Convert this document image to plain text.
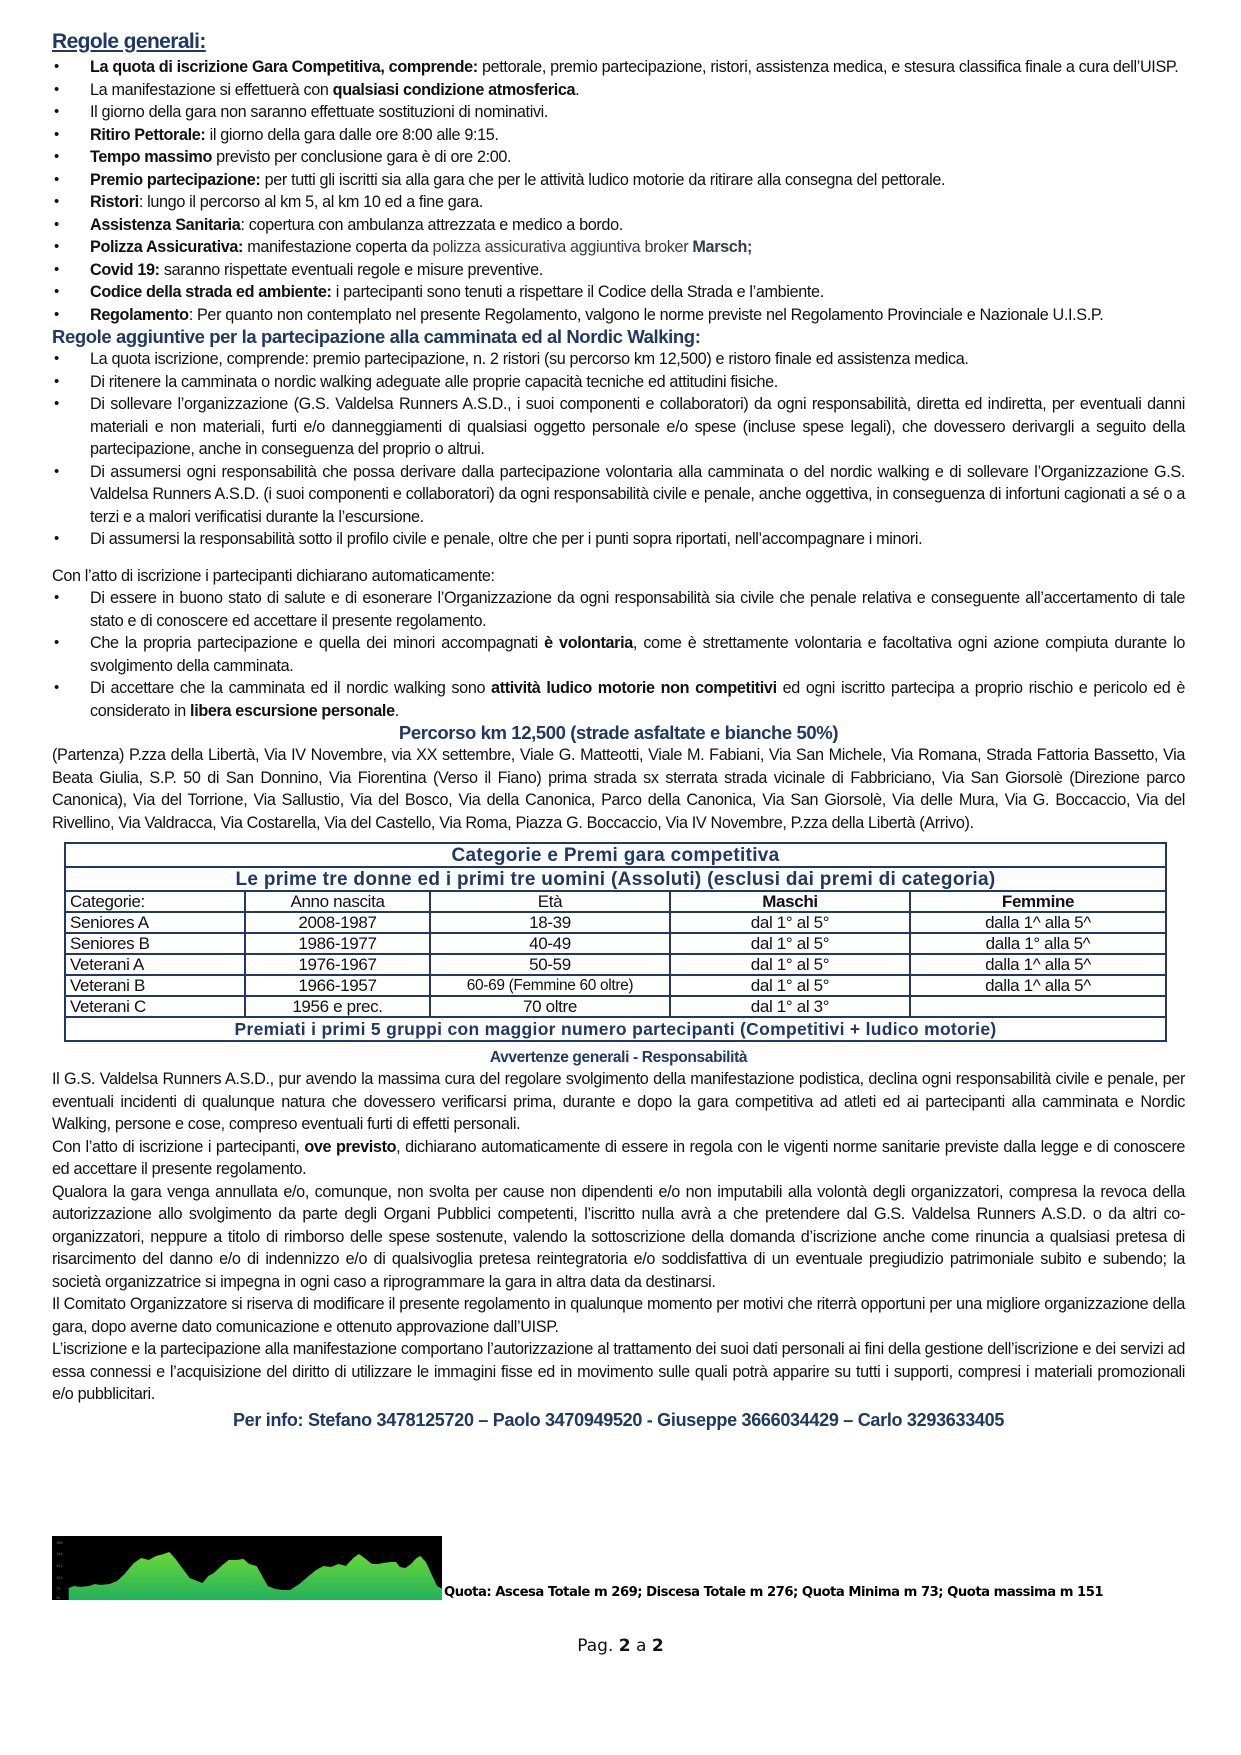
Regole generali:
• La quota di iscrizione Gara Competitiva, comprende: pettorale, premio partecipazione, ristori, assistenza medica, e stesura classifica finale a cura dell’UISP.
• La manifestazione si effettuerà con qualsiasi condizione atmosferica.
• Il giorno della gara non saranno effettuate sostituzioni di nominativi.
• Ritiro Pettorale: il giorno della gara dalle ore 8:00 alle 9:15.
• Tempo massimo previsto per conclusione gara è di ore 2:00.
• Premio partecipazione: per tutti gli iscritti sia alla gara che per le attività ludico motorie da ritirare alla consegna del pettorale.
• Ristori: lungo il percorso al km 5, al km 10 ed a fine gara.
• Assistenza Sanitaria: copertura con ambulanza attrezzata e medico a bordo.
• Polizza Assicurativa: manifestazione coperta da polizza assicurativa aggiuntiva broker Marsch;
• Covid 19: saranno rispettate eventuali regole e misure preventive.
• Codice della strada ed ambiente: i partecipanti sono tenuti a rispettare il Codice della Strada e l’ambiente.
• Regolamento: Per quanto non contemplato nel presente Regolamento, valgono le norme previste nel Regolamento Provinciale e Nazionale U.I.S.P.
Regole aggiuntive per la partecipazione alla camminata ed al Nordic Walking:
• La quota iscrizione, comprende: premio partecipazione, n. 2 ristori (su percorso km 12,500) e ristoro finale ed assistenza medica.
• Di ritenere la camminata o nordic walking adeguate alle proprie capacità tecniche ed attitudini fisiche.
• Di sollevare l’organizzazione (G.S. Valdelsa Runners A.S.D., i suoi componenti e collaboratori) da ogni responsabilità, diretta ed indiretta, per eventuali danni materiali e non materiali, furti e/o danneggiamenti di qualsiasi oggetto personale e/o spese (incluse spese legali), che dovessero derivargli a seguito della partecipazione, anche in conseguenza del proprio o altrui.
• Di assumersi ogni responsabilità che possa derivare dalla partecipazione volontaria alla camminata o del nordic walking e di sollevare l’Organizzazione G.S. Valdelsa Runners A.S.D. (i suoi componenti e collaboratori) da ogni responsabilità civile e penale, anche oggettiva, in conseguenza di infortuni cagionati a sé o a terzi e a malori verificatisi durante la l’escursione.
• Di assumersi la responsabilità sotto il profilo civile e penale, oltre che per i punti sopra riportati, nell’accompagnare i minori.

Con l’atto di iscrizione i partecipanti dichiarano automaticamente:

• Di essere in buono stato di salute e di esonerare l’Organizzazione da ogni responsabilità sia civile che penale relativa e conseguente all’accertamento di tale stato e di conoscere ed accettare il presente regolamento.
• Che la propria partecipazione e quella dei minori accompagnati è volontaria, come è strettamente volontaria e facoltativa ogni azione compiuta durante lo svolgimento della camminata.
• Di accettare che la camminata ed il nordic walking sono attività ludico motorie non competitivi ed ogni iscritto partecipa a proprio rischio e pericolo ed è considerato in libera escursione personale.
Percorso km 12,500 (strade asfaltate e bianche 50%)

(Partenza) P.zza della Libertà, Via IV Novembre, via XX settembre, Viale G. Matteotti, Viale M. Fabiani, Via San Michele, Via Romana, Strada Fattoria Bassetto, Via Beata Giulia, S.P. 50 di San Donnino, Via Fiorentina (Verso il Fiano) prima strada sx sterrata strada vicinale di Fabbriciano, Via San Giorsolè (Direzione parco Canonica), Via del Torrione, Via Sallustio, Via del Bosco, Via della Canonica, Parco della Canonica, Via San Giorsolè, Via delle Mura, Via G. Boccaccio, Via del Rivellino, Via Valdracca, Via Costarella, Via del Castello, Via Roma, Piazza G. Boccaccio, Via IV Novembre, P.zza della Libertà (Arrivo).

Categorie e Premi gara competitiva				
Le prime tre donne ed i primi tre uomini (Assoluti) (esclusi dai premi di categoria)				
Categorie:	Anno nascita	Età	Maschi	Femmine
Seniores A	2008-1987	18-39	dal 1° al 5°	dalla 1^ alla 5^
Seniores B	1986-1977	40-49	dal 1° al 5°	dalla 1° alla 5^
Veterani A	1976-1967	50-59	dal 1° al 5°	dalla 1^ alla 5^
Veterani B	1966-1957	60-69 (Femmine 60 oltre)	dal 1° al 5°	dalla 1^ alla 5^
Veterani C	1956 e prec.	70 oltre	dal 1° al 3°	
Premiati i primi 5 gruppi con maggior numero partecipanti (Competitivi + ludico motorie)				
Avvertenze generali - Responsabilità

Il G.S. Valdelsa Runners A.S.D., pur avendo la massima cura del regolare svolgimento della manifestazione podistica, declina ogni responsabilità civile e penale, per eventuali incidenti di qualunque natura che dovessero verificarsi prima, durante e dopo la gara competitiva ad atleti ed ai partecipanti alla camminata e Nordic Walking, persone e cose, compreso eventuali furti di effetti personali.

Con l’atto di iscrizione i partecipanti, ove previsto, dichiarano automaticamente di essere in regola con le vigenti norme sanitarie previste dalla legge e di conoscere ed accettare il presente regolamento.

Qualora la gara venga annullata e/o, comunque, non svolta per cause non dipendenti e/o non imputabili alla volontà degli organizzatori, compresa la revoca della autorizzazione allo svolgimento da parte degli Organi Pubblici competenti, l’iscritto nulla avrà a che pretendere dal G.S. Valdelsa Runners A.S.D. o da altri co-organizzatori, neppure a titolo di rimborso delle spese sostenute, valendo la sottoscrizione della domanda d’iscrizione anche come rinuncia a qualsiasi pretesa di risarcimento del danno e/o di indennizzo e/o di qualsivoglia pretesa reintegratoria e/o soddisfattiva di un eventuale pregiudizio patrimoniale subito e subendo; la società organizzatrice si impegna in ogni caso a riprogrammare la gara in altra data da destinarsi.

Il Comitato Organizzatore si riserva di modificare il presente regolamento in qualunque momento per motivi che riterrà opportuni per una migliore organizzazione della gara, dopo averne dato comunicazione e ottenuto approvazione dall’UISP.

L’iscrizione e la partecipazione alla manifestazione comportano l’autorizzazione al trattamento dei suoi dati personali ai fini della gestione dell’iscrizione e dei servizi ad essa connessi e l’acquisizione del diritto di utilizzare le immagini fisse ed in movimento sulle quali potrà apparire su tutti i supporti, compresi i materiali promozionali e/o pubblicitari.

Per info: Stefano 3478125720 – Paolo 3470949520 - Giuseppe 3666034429 – Carlo 3293633405
166
144
122
101
79
58	Quota: Ascesa Totale m 269; Discesa Totale m 276; Quota Minima m 73; Quota massima m 151
Pag. 2 a 2
